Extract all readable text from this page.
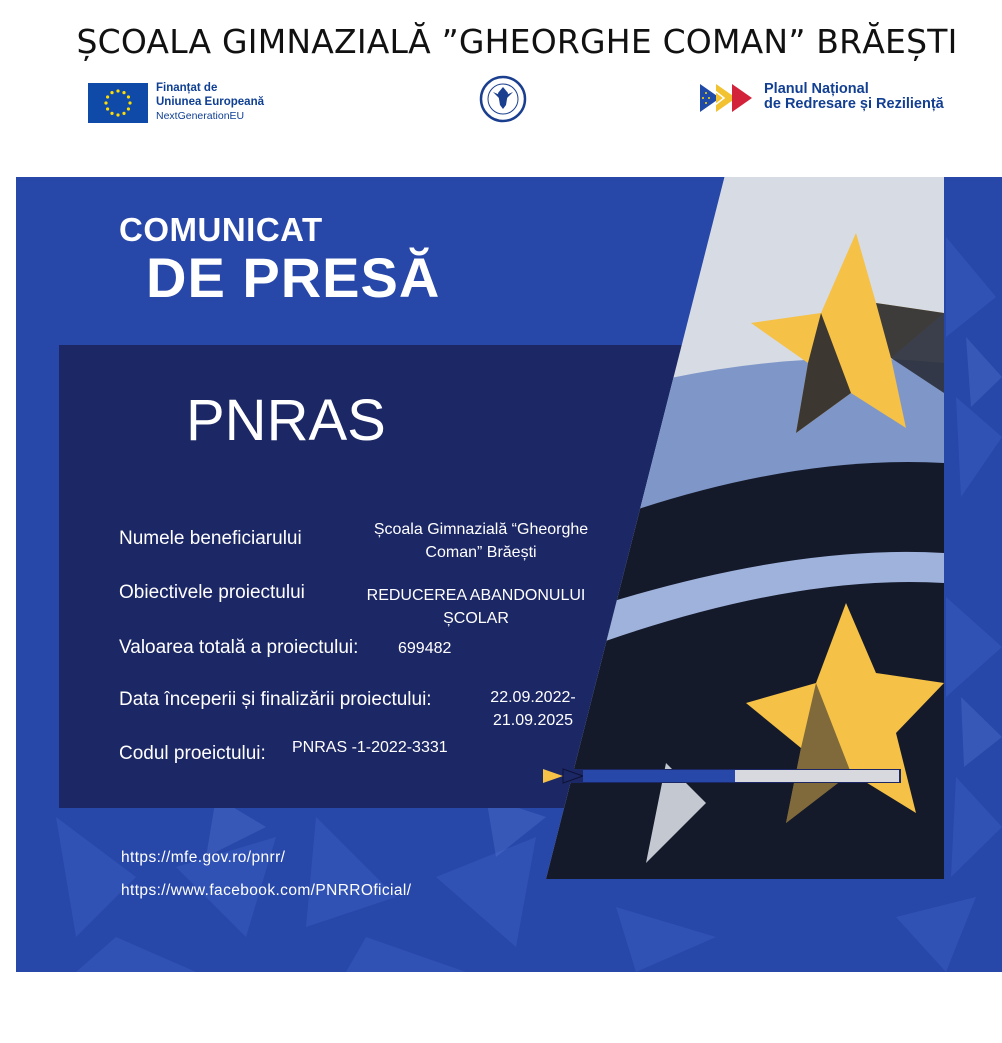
ȘCOALA GIMNAZIALĂ ”GHEORGHE COMAN” BRĂEȘTI
Finanțat de
Uniunea Europeană
NextGenerationEU
Planul Național
de Redresare și Reziliență
COMUNICAT
DE PRESĂ
PNRAS
Numele beneficiarului	Școala Gimnazială “Gheorghe
Coman” Brăești
Obiectivele proiectului	REDUCEREA ABANDONULUI
ȘCOLAR
Valoarea totală a proiectului: 699482
Data începerii și finalizării proiectului:	22.09.2022-
21.09.2025
Codul proeictului: PNRAS -1-2022-3331
https://mfe.gov.ro/pnrr/
https://www.facebook.com/PNRROficial/
